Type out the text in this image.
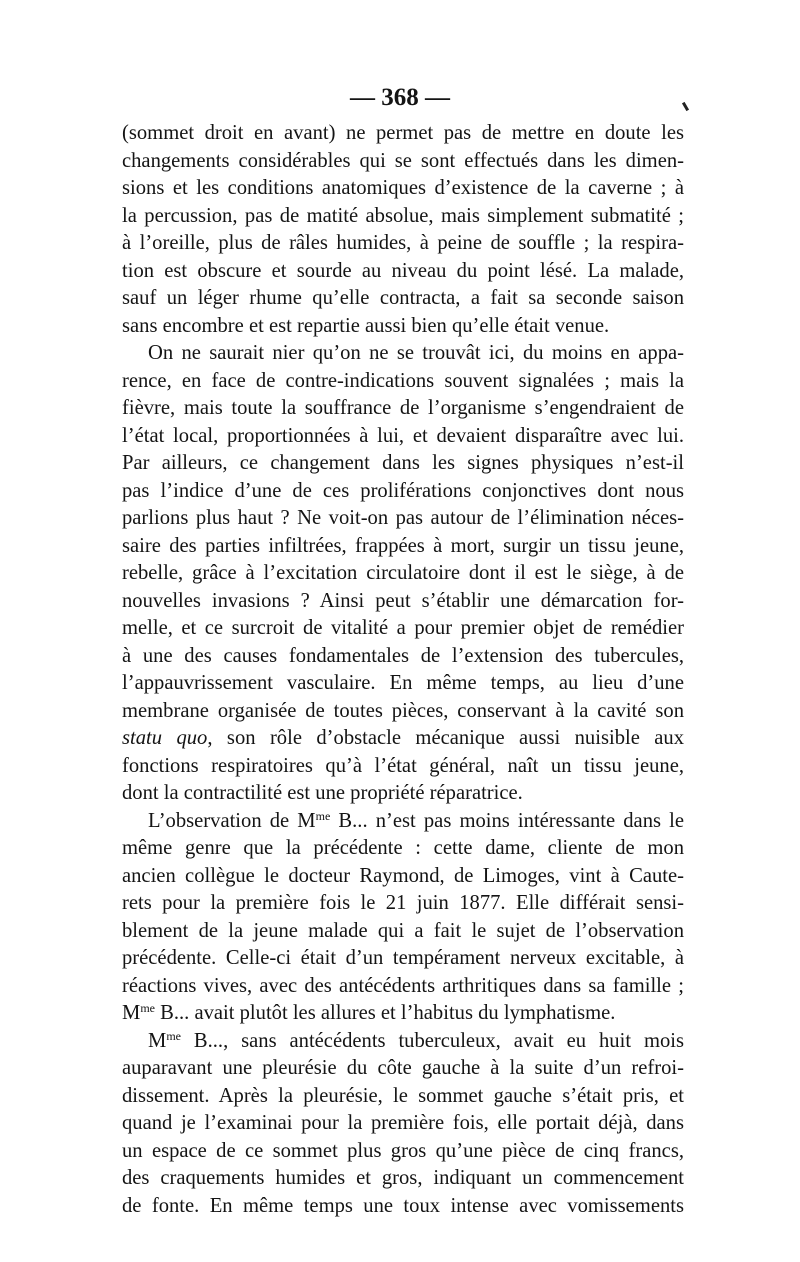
— 368 —
(sommet droit en avant) ne permet pas de mettre en doute les
changements considérables qui se sont effectués dans les dimen-
sions et les conditions anatomiques d’existence de la caverne ; à
la percussion, pas de matité absolue, mais simplement submatité ;
à l’oreille, plus de râles humides, à peine de souffle ; la respira-
tion est obscure et sourde au niveau du point lésé. La malade,
sauf un léger rhume qu’elle contracta, a fait sa seconde saison
sans encombre et est repartie aussi bien qu’elle était venue.
On ne saurait nier qu’on ne se trouvât ici, du moins en appa-
rence, en face de contre-indications souvent signalées ; mais la
fièvre, mais toute la souffrance de l’organisme s’engendraient de
l’état local, proportionnées à lui, et devaient disparaître avec lui.
Par ailleurs, ce changement dans les signes physiques n’est-il
pas l’indice d’une de ces proliférations conjonctives dont nous
parlions plus haut ? Ne voit-on pas autour de l’élimination néces-
saire des parties infiltrées, frappées à mort, surgir un tissu jeune,
rebelle, grâce à l’excitation circulatoire dont il est le siège, à de
nouvelles invasions ? Ainsi peut s’établir une démarcation for-
melle, et ce surcroit de vitalité a pour premier objet de remédier
à une des causes fondamentales de l’extension des tubercules,
l’appauvrissement vasculaire. En même temps, au lieu d’une
membrane organisée de toutes pièces, conservant à la cavité son
statu quo, son rôle d’obstacle mécanique aussi nuisible aux
fonctions respiratoires qu’à l’état général, naît un tissu jeune,
dont la contractilité est une propriété réparatrice.
L’observation de $M^{me}$ B... n’est pas moins intéressante dans le
même genre que la précédente : cette dame, cliente de mon
ancien collègue le docteur Raymond, de Limoges, vint à Caute-
rets pour la première fois le 21 juin 1877. Elle différait sensi-
blement de la jeune malade qui a fait le sujet de l’observation
précédente. Celle-ci était d’un tempérament nerveux excitable, à
réactions vives, avec des antécédents arthritiques dans sa famille ;
$M^{me}$ B... avait plutôt les allures et l’habitus du lymphatisme.
$M^{me}$ B..., sans antécédents tuberculeux, avait eu huit mois
auparavant une pleurésie du côte gauche à la suite d’un refroi-
dissement. Après la pleurésie, le sommet gauche s’était pris, et
quand je l’examinai pour la première fois, elle portait déjà, dans
un espace de ce sommet plus gros qu’une pièce de cinq francs,
des craquements humides et gros, indiquant un commencement
de fonte. En même temps une toux intense avec vomissements
